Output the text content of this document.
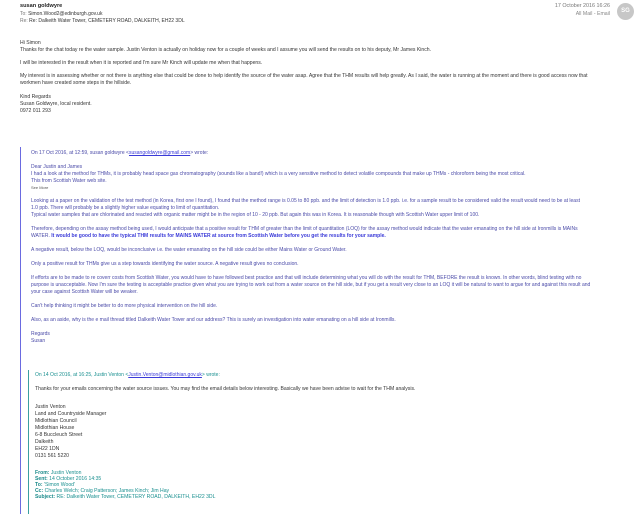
susan goldwyre
To: Simon.Wood2@edinburgh.gov.uk
Re: Re: Dalkeith Water Tower, CEMETERY ROAD, DALKEITH, EH22 3DL
17 October 2016 16:26
All Mail - Email	SG
Hi Simon
Thanks for the chat today re the water sample. Justin Venton is actually on holiday now for a couple of weeks and I assume you will send the results on to his deputy, Mr James Kinch.
I will be interested in the result when it is reported and I'm sure Mr Kinch will update me when that happens.
My interest is in assessing whether or not there is anything else that could be done to help identify the source of the water asap. Agree that the THM results will help greatly. As I said, the water is running at the moment and there is good access now that
workmen have created some steps in the hillside.
Kind Regards
Susan Goldwyre, local resident.
0972 011 293
On 17 Oct 2016, at 12:59, susan goldwyre <susangoldwyre@gmail.com> wrote:
Dear Justin and James
I had a look at the method for THMs, it is probably head space gas chromatography (sounds like a band!) which is a very sensitive method to detect volatile compounds that make up THMs - chloroform being the most critical.
This from Scottish Water web site.
See More
Looking at a paper on the validation of the test method (in Korea, first one I found), I found that the method range is 0.05 to 80 ppb. and the limit of detection is 1.0 ppb. i.e. for a sample result to be considered valid the result would need to be at least
1.0 ppb. There will probably be a slightly higher value equating to limit of quantitation.
Typical water samples that are chlorinated and reacted with organic matter might be in the region of 10 - 20 ppb. But again this was in Korea. It is reasonable though with Scottish Water upper limit of 100.
Therefore, depending on the assay method being used, I would anticipate that a positive result for THM of greater than the limit of quantitation (LOQ) for the assay method would indicate that the water emanating on the hill side at Ironmills is MAINs
WATER. It would be good to have the typical THM results for MAINS WATER at source from Scottish Water before you get the results for your sample.
A negative result, below the LOQ, would be inconclusive i.e. the water emanating on the hill side could be either Mains Water or Ground Water.
Only a positive result for THMs give us a step towards identifying the water source. A negative result gives no conclusion.
If efforts are to be made to re coverr costs from Scottish Water, you would have to have followed best practice and that will include determining what you will do with the result for THM, BEFORE the result is known. In other words, blind testing with no
purpose is unacceptable. Now I'm sure the testing is acceptable practice given what you are trying to work out from a water source on the hill side, but if you get a result very close to an LOQ it will be natural to want to argue for and against this result and
your case against Scottish Water will be weaker.
Can't help thinking it might be better to do more physical intervention on the hill side.
Also, as an aside, why is the e mail thread titled Dalkeith Water Tower and our address? This is surely an investigation into water emanating on a hill side at Ironmills.
Regards
Susan
On 14 Oct 2016, at 16:25, Justin Venton <Justin.Venton@midlothian.gov.uk> wrote:
Thanks for your emails concerning the water source issues. You may find the email details below interesting. Basically we have been advise to wait for the THM analysis.
Justin Venton
Land and Countryside Manager
Midlothian Council
Midlothian House
6-8 Buccleuch Street
Dalkeith
EH22 1DN
0131 561 5220
From: Justin Venton
Sent: 14 October 2016 14:35
To: 'Simon Wood'
Cc: Charles Welch; Craig Patterson; James Kinch; Jim Hay
Subject: RE: Dalkeith Water Tower, CEMETERY ROAD, DALKEITH, EH22 3DL
